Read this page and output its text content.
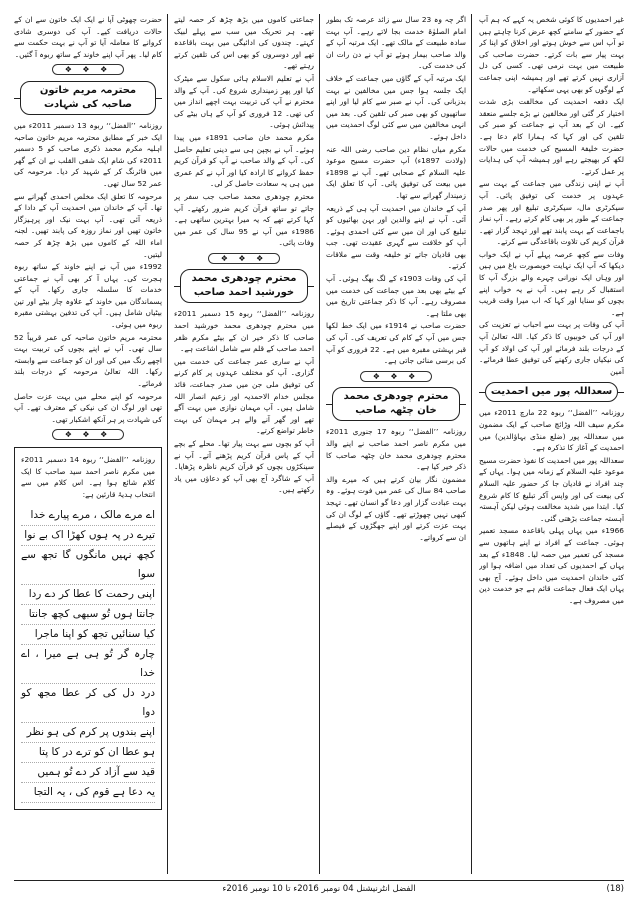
غیر احمدیوں کا کوئی شخص یہ کہے کہ ہم آپ کے حضور کے سامنے کچھ عرض کرنا چاہتے ہیں تو آپ اس سے خوش ہوتے اور اخلاق کو اپنا کر بہت پیار سے بات کرتے۔ حضرت صاحب کی طبیعت میں بہت نرمی تھی۔ کسی کی دل آزاری نہیں کرتے تھے اور ہمیشہ اپنی جماعت کے لوگوں کو بھی یہی سکھاتے۔

ایک دفعہ احمدیت کی مخالفت بڑی شدت اختیار کر گئی اور مخالفین نے بڑے جلسے منعقد کیے۔ ان کے بعد آپ نے جماعت کو صبر کی تلقین کی اور کہا کہ ہمارا کام دعا ہے۔ حضرت خلیفۃ المسیح کی خدمت میں حالات لکھ کر بھیجتے رہے اور ہمیشہ آپ کی ہدایات پر عمل کرتے۔

آپ نے اپنی زندگی میں جماعت کے بہت سے عہدوں پر خدمت کی توفیق پائی۔ آپ سیکرٹری مال، سیکرٹری تبلیغ اور پھر صدر جماعت کے طور پر بھی کام کرتے رہے۔ آپ نماز باجماعت کے بہت پابند تھے اور تہجد گزار تھے۔ قرآن کریم کی تلاوت باقاعدگی سے کرتے۔

وفات سے کچھ عرصہ پہلے آپ نے ایک خواب دیکھا کہ آپ ایک نہایت خوبصورت باغ میں ہیں اور وہاں ایک نورانی چہرے والے بزرگ آپ کا استقبال کر رہے ہیں۔ آپ نے یہ خواب اپنے بچوں کو سنایا اور کہا کہ اب میرا وقت قریب ہے۔

آپ کی وفات پر بہت سے احباب نے تعزیت کی اور آپ کی خوبیوں کا ذکر کیا۔ اللہ تعالیٰ آپ کے درجات بلند فرمائے اور آپ کی اولاد کو آپ کی نیکیاں جاری رکھنے کی توفیق عطا فرمائے۔ آمین

سعداللہ پور میں احمدیت

روزنامہ ’’الفضل‘‘ ربوہ 22 مارچ 2011ء میں مکرم سیف اللہ وڑائچ صاحب کے ایک مضمون میں سعداللہ پور (ضلع منڈی بہاؤالدین) میں احمدیت کے آغاز کا تذکرہ ہے۔

سعداللہ پور میں احمدیت کا نفوذ حضرت مسیح موعود علیہ السلام کے زمانہ میں ہوا۔ یہاں کے چند افراد نے قادیان جا کر حضور علیہ السلام کی بیعت کی اور واپس آکر تبلیغ کا کام شروع کیا۔ ابتدا میں شدید مخالفت ہوئی لیکن آہستہ آہستہ جماعت بڑھتی گئی۔

1966ء میں یہاں پہلی باقاعدہ مسجد تعمیر ہوئی۔ جماعت کے افراد نے اپنے ہاتھوں سے مسجد کی تعمیر میں حصہ لیا۔ 1848ء کے بعد یہاں کے احمدیوں کی تعداد میں اضافہ ہوا اور کئی خاندان احمدیت میں داخل ہوئے۔ آج بھی یہاں ایک فعال جماعت قائم ہے جو خدمت دین میں مصروف ہے۔

اگر چہ وہ 23 سال سے زائد عرصہ تک بطور امام الصلوٰۃ خدمت بجا لاتے رہے۔ آپ بہت سادہ طبیعت کے مالک تھے۔ ایک مرتبہ آپ کے والد صاحب بیمار ہوئے تو آپ نے دن رات ان کی خدمت کی۔

ایک مرتبہ آپ کے گاؤں میں جماعت کے خلاف ایک جلسہ ہوا جس میں مخالفین نے بہت بدزبانی کی۔ آپ نے صبر سے کام لیا اور اپنے ساتھیوں کو بھی صبر کی تلقین کی۔ بعد میں انہی مخالفین میں سے کئی لوگ احمدیت میں داخل ہوئے۔

مکرم میاں نظام دین صاحب رضی اللہ عنہ (ولادت 1897ء) آپ حضرت مسیح موعود علیہ السلام کے صحابی تھے۔ آپ نے 1898ء میں بیعت کی توفیق پائی۔ آپ کا تعلق ایک زمیندار گھرانے سے تھا۔

آپ کے خاندان میں احمدیت آپ ہی کے ذریعہ آئی۔ آپ نے اپنے والدین اور بہن بھائیوں کو تبلیغ کی اور ان میں سے کئی احمدی ہوئے۔ آپ کو خلافت سے گہری عقیدت تھی۔ جب بھی قادیان جاتے تو خلیفہ وقت سے ملاقات کرتے۔

آپ کی وفات 1903ء کے لگ بھگ ہوئی۔ آپ کے بیٹے بھی بعد میں جماعت کی خدمت میں مصروف رہے۔ آپ کا ذکر جماعتی تاریخ میں بھی ملتا ہے۔

حضرت صاحب نے 1914ء میں ایک خط لکھا جس میں آپ کے کام کی تعریف کی۔ آپ کی قبر بہشتی مقبرہ میں ہے۔ 22 فروری کو آپ کی برسی منائی جاتی ہے۔

❖ ❖ ❖
محترم چودھری محمد خان چٹھہ صاحب

روزنامہ ’’الفضل‘‘ ربوہ 17 جنوری 2011ء میں مکرم ناصر احمد صاحب نے اپنے والد محترم چودھری محمد خان چٹھہ صاحب کا ذکر خیر کیا ہے۔

مضمون نگار بیان کرتے ہیں کہ میرے والد صاحب 84 سال کی عمر میں فوت ہوئے۔ وہ بہت عبادت گزار اور دعا گو انسان تھے۔ تہجد کبھی نہیں چھوڑتے تھے۔ گاؤں کے لوگ ان کی بہت عزت کرتے اور اپنے جھگڑوں کے فیصلے ان سے کرواتے۔

جماعتی کاموں میں بڑھ چڑھ کر حصہ لیتے تھے۔ ہر تحریک میں سب سے پہلے لبیک کہتے۔ چندوں کی ادائیگی میں بہت باقاعدہ تھے اور دوسروں کو بھی اس کی تلقین کرتے رہتے تھے۔

آپ نے تعلیم الاسلام ہائی سکول سے میٹرک کیا اور پھر زمینداری شروع کی۔ آپ کے والد محترم نے آپ کی تربیت بہت اچھے انداز میں کی تھی۔ 12 فروری کو آپ کے ہاں بیٹے کی پیدائش ہوئی۔

مکرم محمد خان صاحب 1891ء میں پیدا ہوئے۔ آپ نے بچپن ہی سے دینی تعلیم حاصل کی۔ آپ کے والد صاحب نے آپ کو قرآن کریم حفظ کروانے کا ارادہ کیا اور آپ نے کم عمری میں ہی یہ سعادت حاصل کر لی۔

محترم چودھری محمد صاحب جب سفر پر جاتے تو ساتھ قرآن کریم ضرور رکھتے۔ آپ کہا کرتے تھے کہ یہ میرا بہترین ساتھی ہے۔ 1986ء میں آپ نے 95 سال کی عمر میں وفات پائی۔

❖ ❖ ❖
محترم چودھری محمد خورشید احمد صاحب

روزنامہ ’’الفضل‘‘ ربوہ 15 دسمبر 2011ء میں محترم چودھری محمد خورشید احمد صاحب کا ذکر خیر ان کے بیٹے مکرم ظفر احمد صاحب کے قلم سے شامل اشاعت ہے۔

آپ نے ساری عمر جماعت کی خدمت میں گزاری۔ آپ کو مختلف عہدوں پر کام کرنے کی توفیق ملی جن میں صدر جماعت، قائد مجلس خدام الاحمدیہ اور زعیم انصار اللہ شامل ہیں۔ آپ مہمان نوازی میں بہت آگے تھے اور گھر آنے والے ہر مہمان کی بہت خاطر تواضع کرتے۔

آپ کو بچوں سے بہت پیار تھا۔ محلے کے بچے آپ کے پاس قرآن کریم پڑھنے آتے۔ آپ نے سینکڑوں بچوں کو قرآن کریم ناظرہ پڑھایا۔ آپ کے شاگرد آج بھی آپ کو دعاؤں میں یاد رکھتے ہیں۔

حضرت چھوٹی آپا نے ایک ایک خاتون سے ان کے حالات دریافت کیے۔ آپ کی دوسری شادی کروانے کا معاملہ آیا تو آپ نے بہت حکمت سے کام لیا۔ پھر آپ اپنے خاوند کے ساتھ ربوہ آ گئیں۔

❖ ❖ ❖
محترمہ مریم خاتون صاحبہ کی شہادت

روزنامہ ’’الفضل‘‘ ربوہ 13 دسمبر 2011ء میں ایک خبر کے مطابق محترمہ مریم خاتون صاحبہ اہلیہ مکرم محمد ذکری صاحب کو 5 دسمبر 2011ء کی شام ایک شقی القلب نے ان کے گھر میں فائرنگ کر کے شہید کر دیا۔ مرحومہ کی عمر 52 سال تھی۔

مرحومہ کا تعلق ایک مخلص احمدی گھرانے سے تھا۔ آپ کے خاندان میں احمدیت آپ کے دادا کے ذریعہ آئی تھی۔ آپ بہت نیک اور پرہیزگار خاتون تھیں اور نماز روزہ کی پابند تھیں۔ لجنہ اماء اللہ کے کاموں میں بڑھ چڑھ کر حصہ لیتیں۔

1992ء میں آپ نے اپنے خاوند کے ساتھ ربوہ ہجرت کی۔ یہاں آ کر بھی آپ نے جماعتی خدمات کا سلسلہ جاری رکھا۔ آپ کے پسماندگان میں خاوند کے علاوہ چار بیٹے اور تین بیٹیاں شامل ہیں۔ آپ کی تدفین بہشتی مقبرہ ربوہ میں ہوئی۔

محترمہ مریم خاتون صاحبہ کی عمر قریباً 52 سال تھی۔ آپ نے اپنے بچوں کی تربیت بہت اچھے رنگ میں کی اور ان کو جماعت سے وابستہ رکھا۔ اللہ تعالیٰ مرحومہ کے درجات بلند فرمائے۔

مرحومہ کو اپنے محلے میں بہت عزت حاصل تھی اور لوگ ان کی نیکی کے معترف تھے۔ آپ کی شہادت پر ہر آنکھ اشکبار تھی۔

❖ ❖ ❖
روزنامہ ’’الفضل‘‘ ربوہ 14 دسمبر 2011ء میں مکرم ناصر احمد سید صاحب کا ایک کلام شائع ہوا ہے۔ اس کلام میں سے انتخاب ہدیۂ قارئین ہے:
اے مرے مالک ، مرے پیارے خدا
تیرے در پہ ہوں کھڑا اک بے نوا
کچھ نہیں مانگوں گا تجھ سے سوا
اپنی رحمت کا عطا کر دے ردا
جانتا ہوں تُو سبھی کچھ جانتا
کیا سنائیں تجھ کو اپنا ماجرا
چارہ گر تُو ہی ہے میرا ، اے خدا
درد دل کی کر عطا مجھ کو دوا
اپنے بندوں پر کرم کی ہو نظر
ہو عطا ان کو ترے در کا پتا
قید سے آزاد کر دے تُو ہمیں
یہ دعا ہے قوم کی ، یہ التجا
الفضل انٹرنیشنل 04 نومبر 2016ء تا 10 نومبر 2016ء	(18)
